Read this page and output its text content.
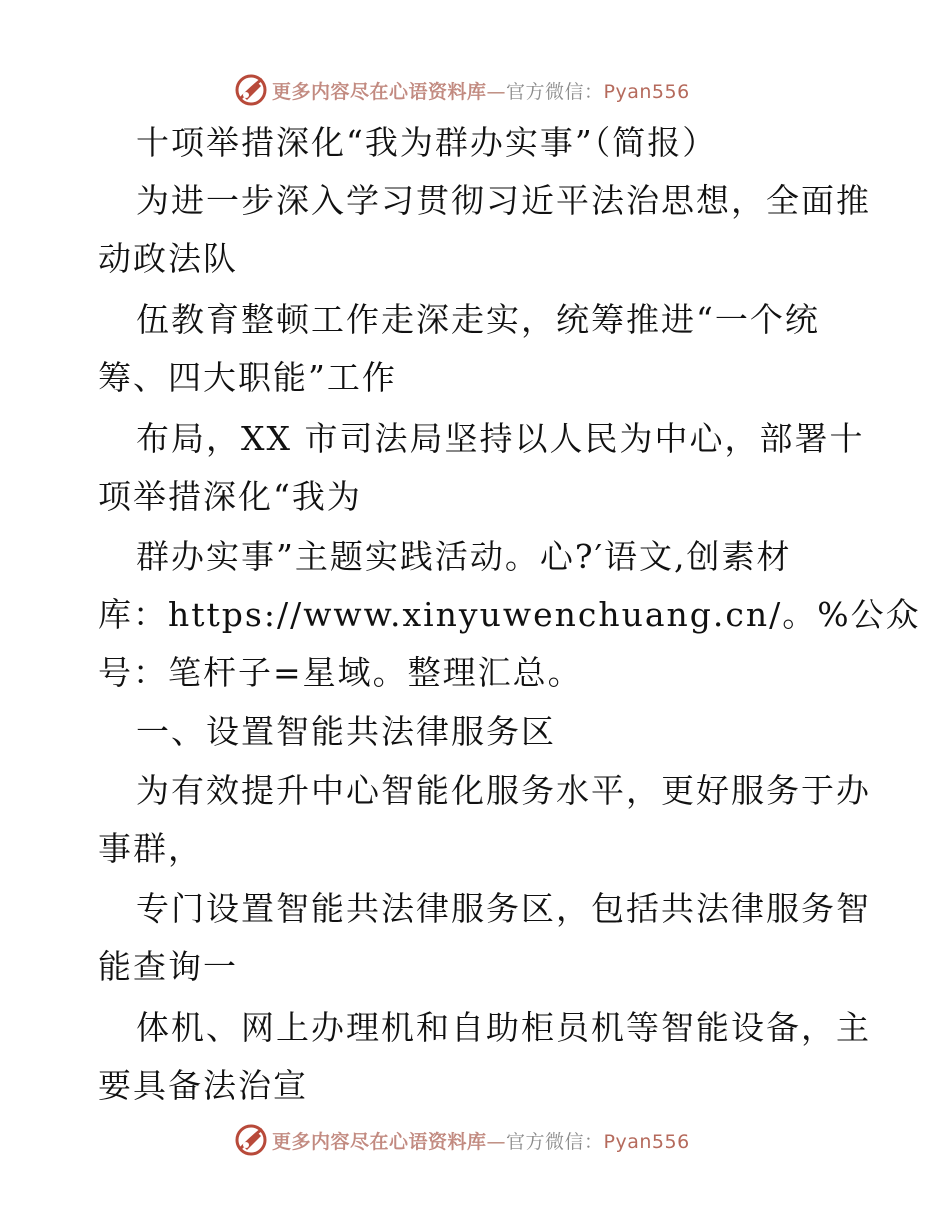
更多内容尽在心语资料库—官方微信：Pyan556
十项举措深化“我为群办实事”（简报）
为进一步深入学习贯彻习近平法治思想，全面推
动政法队
伍教育整顿工作走深走实，统筹推进“一个统
筹、四大职能”工作
布局，XX 市司法局坚持以人民为中心，部署十
项举措深化“我为
群办实事”主题实践活动。心?′语文,创素材
库：https://www.xinyuwenchuang.cn/。%公众
号：笔杆子=星域。整理汇总。
一、设置智能共法律服务区
为有效提升中心智能化服务水平，更好服务于办
事群，
专门设置智能共法律服务区，包括共法律服务智
能查询一
体机、网上办理机和自助柜员机等智能设备，主
要具备法治宣
更多内容尽在心语资料库—官方微信：Pyan556
